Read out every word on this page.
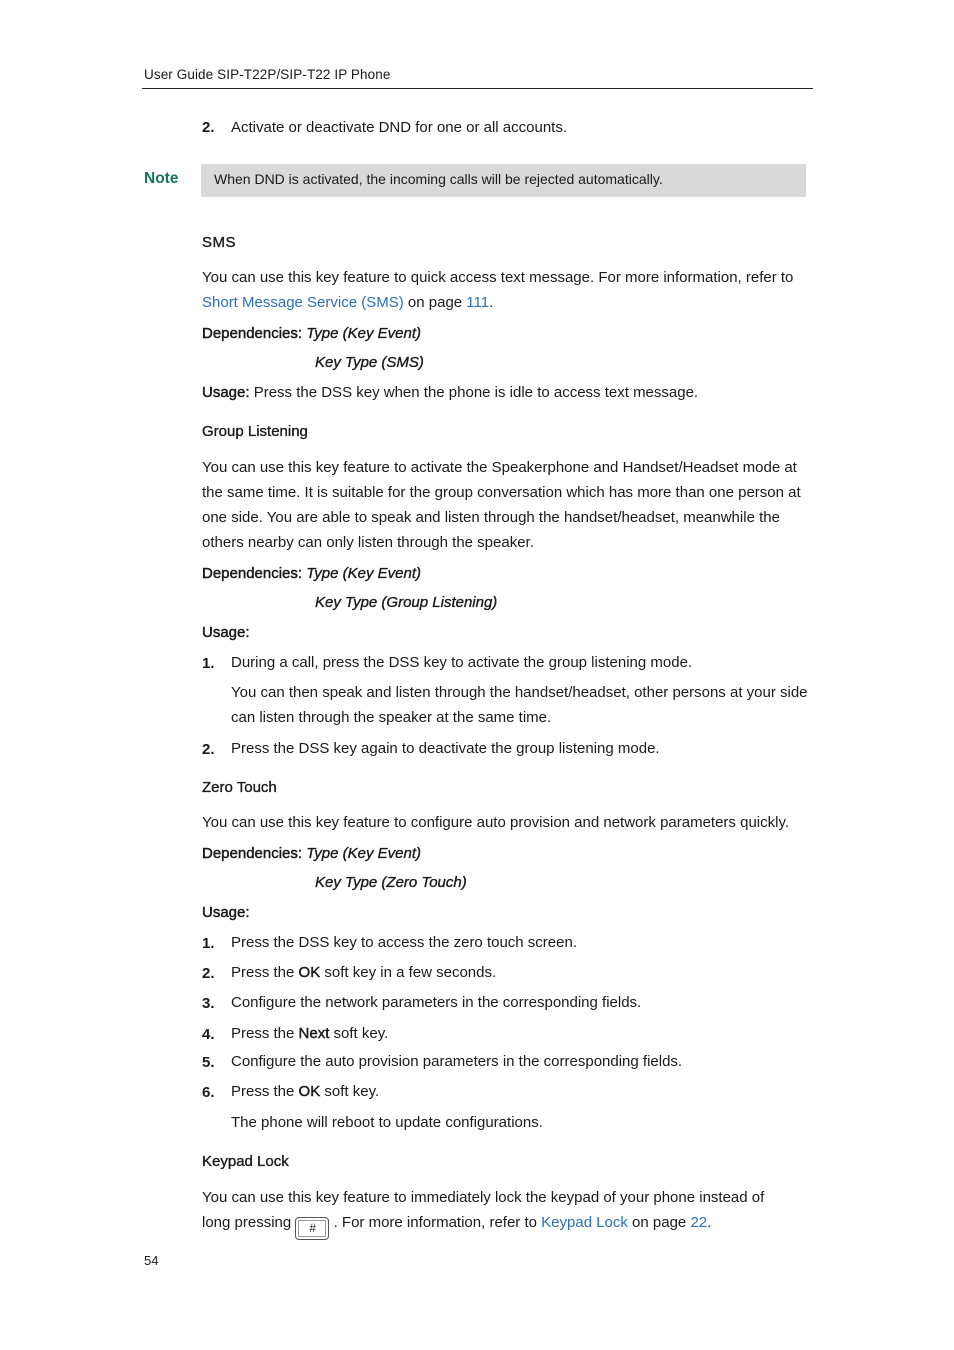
User Guide SIP-T22P/SIP-T22 IP Phone
2. Activate or deactivate DND for one or all accounts.
Note	When DND is activated, the incoming calls will be rejected automatically.
SMS
You can use this key feature to quick access text message. For more information, refer to
Short Message Service (SMS) on page 111.
Dependencies: Type (Key Event)
Key Type (SMS)
Usage: Press the DSS key when the phone is idle to access text message.
Group Listening
You can use this key feature to activate the Speakerphone and Handset/Headset mode at the same time. It is suitable for the group conversation which has more than one person at one side. You are able to speak and listen through the handset/headset, meanwhile the others nearby can only listen through the speaker.
Dependencies: Type (Key Event)
Key Type (Group Listening)
Usage:
1. During a call, press the DSS key to activate the group listening mode.
You can then speak and listen through the handset/headset, other persons at your side can listen through the speaker at the same time.
2. Press the DSS key again to deactivate the group listening mode.
Zero Touch
You can use this key feature to configure auto provision and network parameters quickly.
Dependencies: Type (Key Event)
Key Type (Zero Touch)
Usage:
1. Press the DSS key to access the zero touch screen.
2. Press the OK soft key in a few seconds.
3. Configure the network parameters in the corresponding fields.
4. Press the Next soft key.
5. Configure the auto provision parameters in the corresponding fields.
6. Press the OK soft key.
The phone will reboot to update configurations.
Keypad Lock
You can use this key feature to immediately lock the keypad of your phone instead of
long pressing # . For more information, refer to Keypad Lock on page 22.
54
